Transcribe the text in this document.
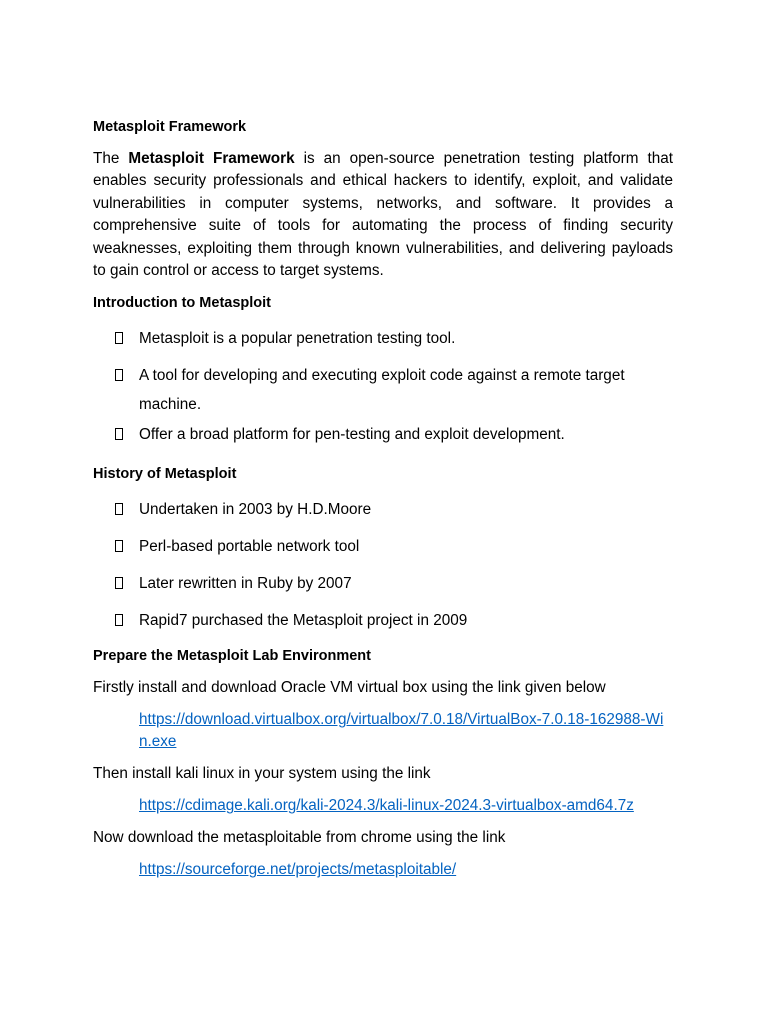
Metasploit Framework

The Metasploit Framework is an open-source penetration testing platform that enables security professionals and ethical hackers to identify, exploit, and validate vulnerabilities in computer systems, networks, and software. It provides a comprehensive suite of tools for automating the process of finding security weaknesses, exploiting them through known vulnerabilities, and delivering payloads to gain control or access to target systems.

Introduction to Metasploit

Metasploit is a popular penetration testing tool.
A tool for developing and executing exploit code against a remote target machine.
Offer a broad platform for pen-testing and exploit development.

History of Metasploit

Undertaken in 2003 by H.D.Moore
Perl-based portable network tool
Later rewritten in Ruby by 2007
Rapid7 purchased the Metasploit project in 2009

Prepare the Metasploit Lab Environment

Firstly install and download Oracle VM virtual box using the link given below

https://download.virtualbox.org/virtualbox/7.0.18/VirtualBox-7.0.18-162988-Win.exe

Then install kali linux in your system using the link

https://cdimage.kali.org/kali-2024.3/kali-linux-2024.3-virtualbox-amd64.7z

Now download the metasploitable from chrome using the link

https://sourceforge.net/projects/metasploitable/
